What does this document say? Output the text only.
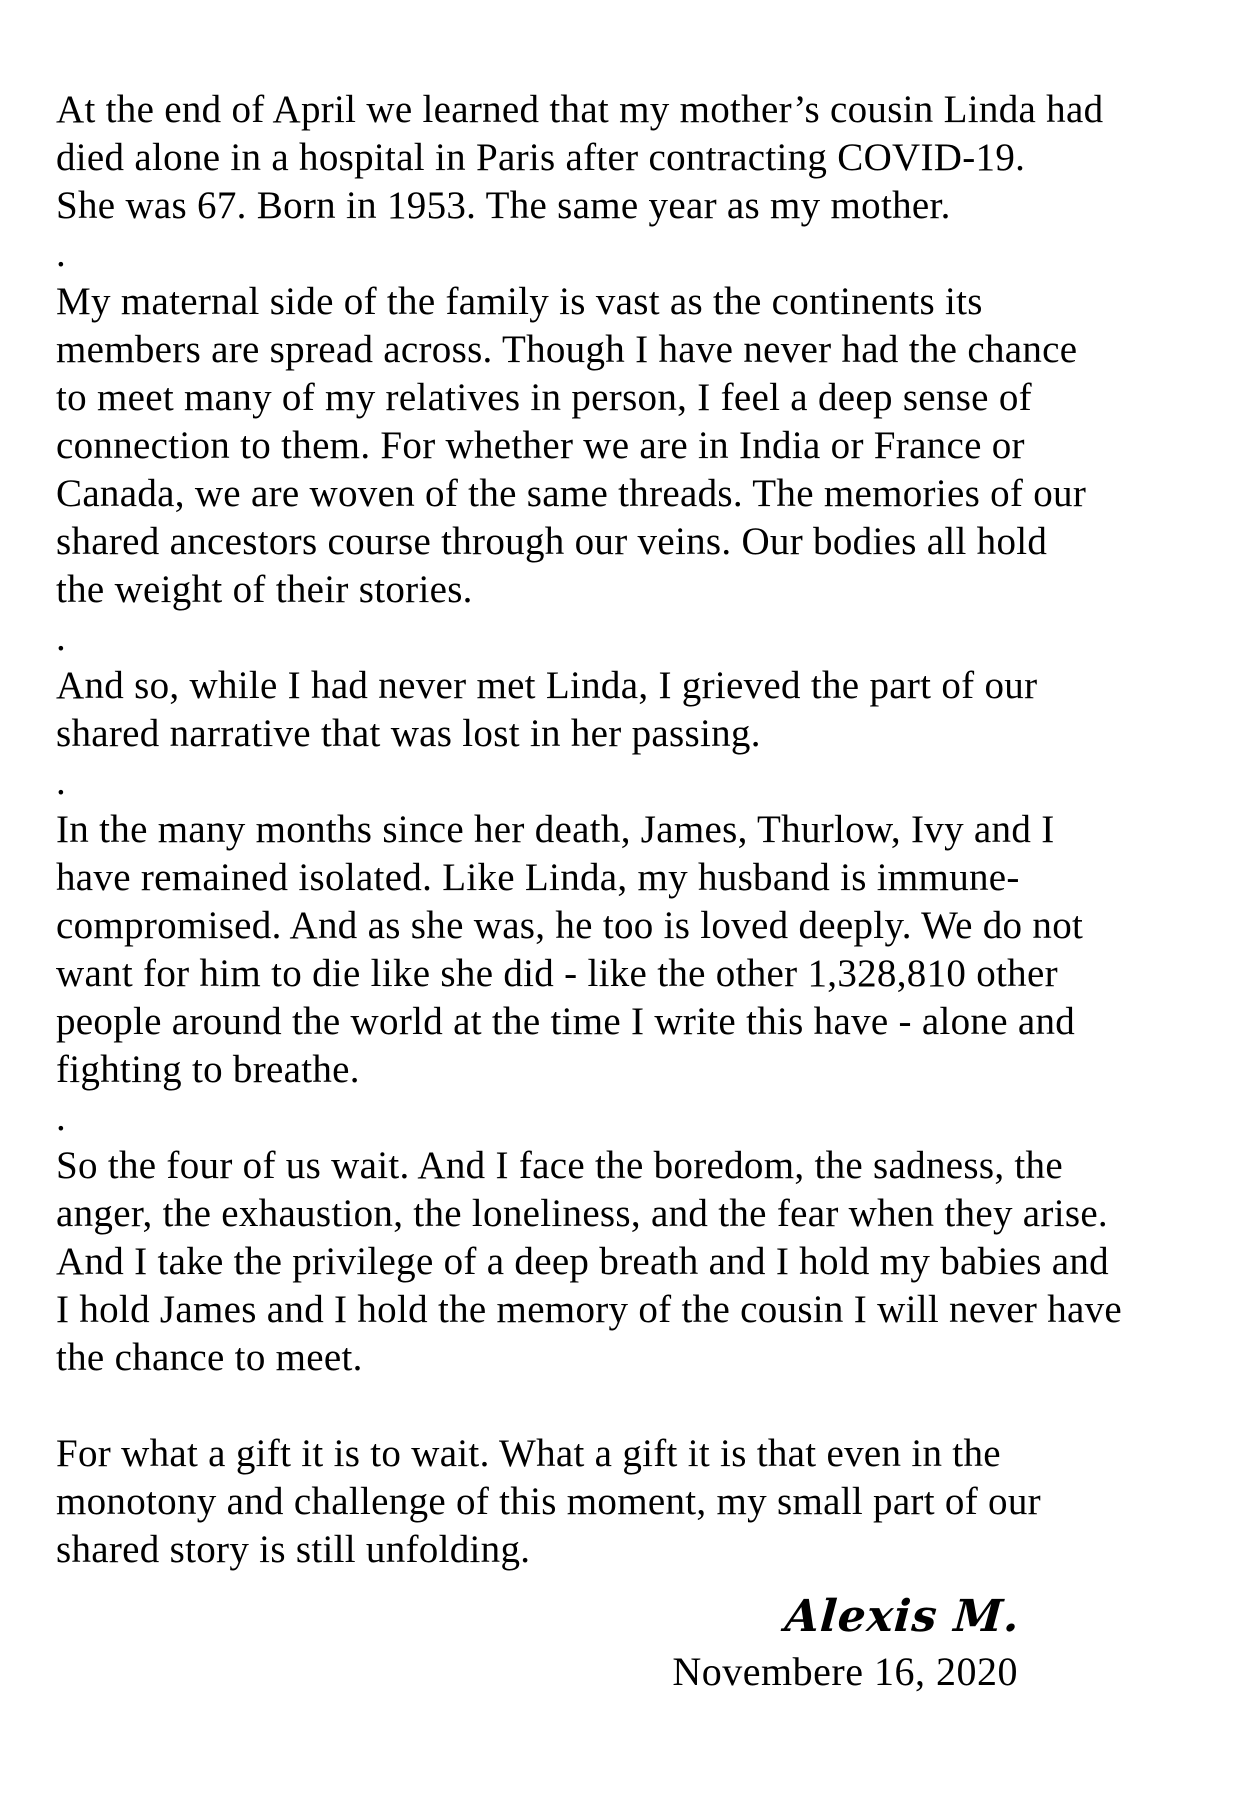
At the end of April we learned that my mother’s cousin Linda had
died alone in a hospital in Paris after contracting COVID-19.
She was 67. Born in 1953. The same year as my mother.
.
My maternal side of the family is vast as the continents its
members are spread across. Though I have never had the chance
to meet many of my relatives in person, I feel a deep sense of
connection to them. For whether we are in India or France or
Canada, we are woven of the same threads. The memories of our
shared ancestors course through our veins. Our bodies all hold
the weight of their stories.
.
And so, while I had never met Linda, I grieved the part of our
shared narrative that was lost in her passing.
.
In the many months since her death, James, Thurlow, Ivy and I
have remained isolated. Like Linda, my husband is immune-
compromised. And as she was, he too is loved deeply. We do not
want for him to die like she did - like the other 1,328,810 other
people around the world at the time I write this have - alone and
fighting to breathe.
.
So the four of us wait. And I face the boredom, the sadness, the
anger, the exhaustion, the loneliness, and the fear when they arise.
And I take the privilege of a deep breath and I hold my babies and
I hold James and I hold the memory of the cousin I will never have
the chance to meet.

For what a gift it is to wait. What a gift it is that even in the
monotony and challenge of this moment, my small part of our
shared story is still unfolding.
Alexis M.
Novembere 16, 2020
